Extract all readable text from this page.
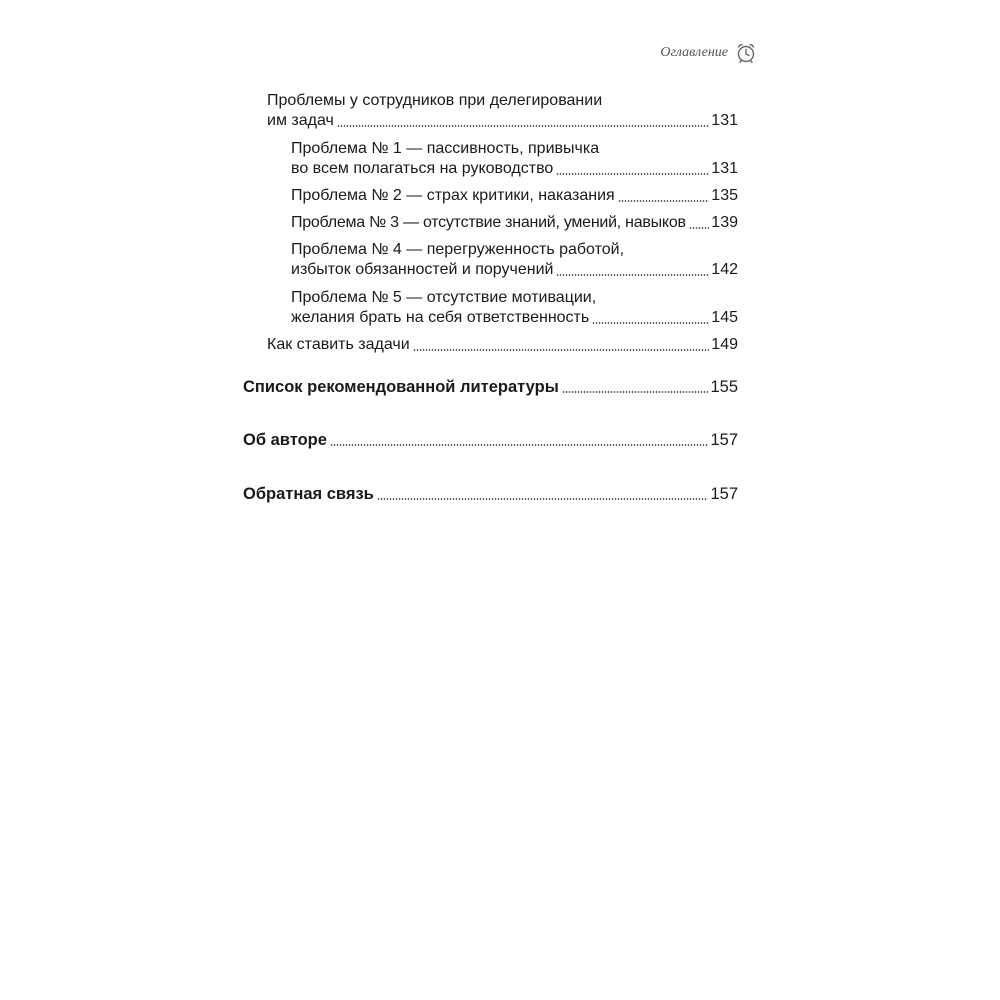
Оглавление
Проблемы у сотрудников при делегировании
им задач	131
Проблема № 1 — пассивность, привычка
во всем полагаться на руководство	131
Проблема № 2 — страх критики, наказания	135
Проблема № 3 — отсутствие знаний, умений, навыков 139
Проблема № 4 — перегруженность работой,
избыток обязанностей и поручений	142
Проблема № 5 — отсутствие мотивации,
желания брать на себя ответственность	145
Как ставить задачи	149
Список рекомендованной литературы	155
Об авторе	157
Обратная связь	157
